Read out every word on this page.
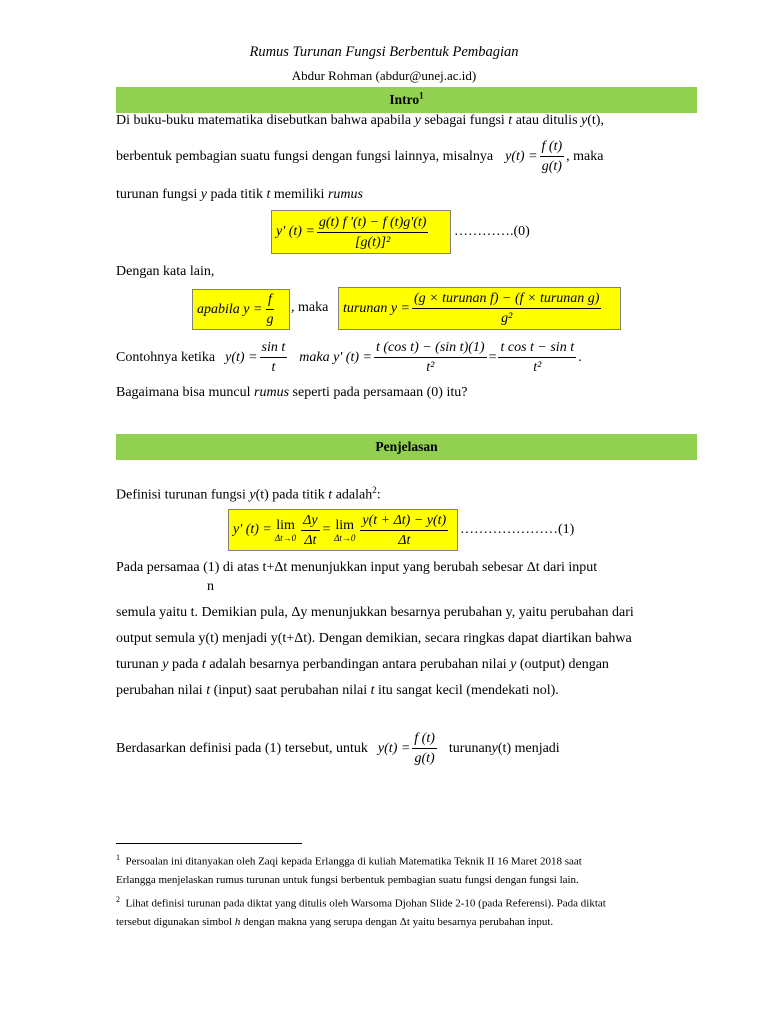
Rumus Turunan Fungsi Berbentuk Pembagian
Abdur Rohman (abdur@unej.ac.id)
Intro$^1$
Di buku-buku matematika disebutkan bahwa apabila y sebagai fungsi t atau ditulis y(t),
berbentuk pembagian suatu fungsi dengan fungsi lainnya, misalnya $y(t) = \frac{f (t)}{g(t)}$ , maka
turunan fungsi y pada titik t memiliki rumus
y' $(t) = \frac{g(t) f '(t) - f (t)g'(t)}{\text{[g(t)]²}}$ ………….(0)
Dengan kata lain,
apabila $y = \frac{f}{g}$ , maka turunan $y = \frac{\text{(g × turunan f) − (f × turunan g)}}{\text{g²}}$
Contohnya ketika $y(t) = \frac{\text{sin t}}{t}$ maka y' $(t) = \frac{\text{t (cos t) − (sin t)(1)}}{\text{t²}} = \frac{\text{t cos t − sin t}}{\text{t²}}$ .
Bagaimana bisa muncul rumus seperti pada persamaan (0) itu?
Penjelasan
Definisi turunan fungsi y(t) pada titik t adalah$^2$:
y' (t) = lim
$\Delta t\to 0 \frac{\Delta y}{\Delta t} = \lim$
$\Delta t\to 0 \frac{y(t + \Delta t) - y(t)}{\Delta t}$ …………………(1)
Pada persamaa (1) di atas t+Δt menunjukkan input yang berubah sebesar Δt dari input
n
semula yaitu t. Demikian pula, Δy menunjukkan besarnya perubahan y, yaitu perubahan dari
output semula y(t) menjadi y(t+Δt). Dengan demikian, secara ringkas dapat diartikan bahwa
turunan y pada t adalah besarnya perbandingan antara perubahan nilai y (output) dengan
perubahan nilai t (input) saat perubahan nilai t itu sangat kecil (mendekati nol).
Berdasarkan definisi pada (1) tersebut, untuk $y(t) = \frac{f (t)}{g(t)}$ turunan y (t) menjadi
$^1$ Persoalan ini ditanyakan oleh Zaqi kepada Erlangga di kuliah Matematika Teknik II 16 Maret 2018 saat
Erlangga menjelaskan rumus turunan untuk fungsi berbentuk pembagian suatu fungsi dengan fungsi lain.
$^2$ Lihat definisi turunan pada diktat yang ditulis oleh Warsoma Djohan Slide 2-10 (pada Referensi). Pada diktat
tersebut digunakan simbol h dengan makna yang serupa dengan Δt yaitu besarnya perubahan input.
